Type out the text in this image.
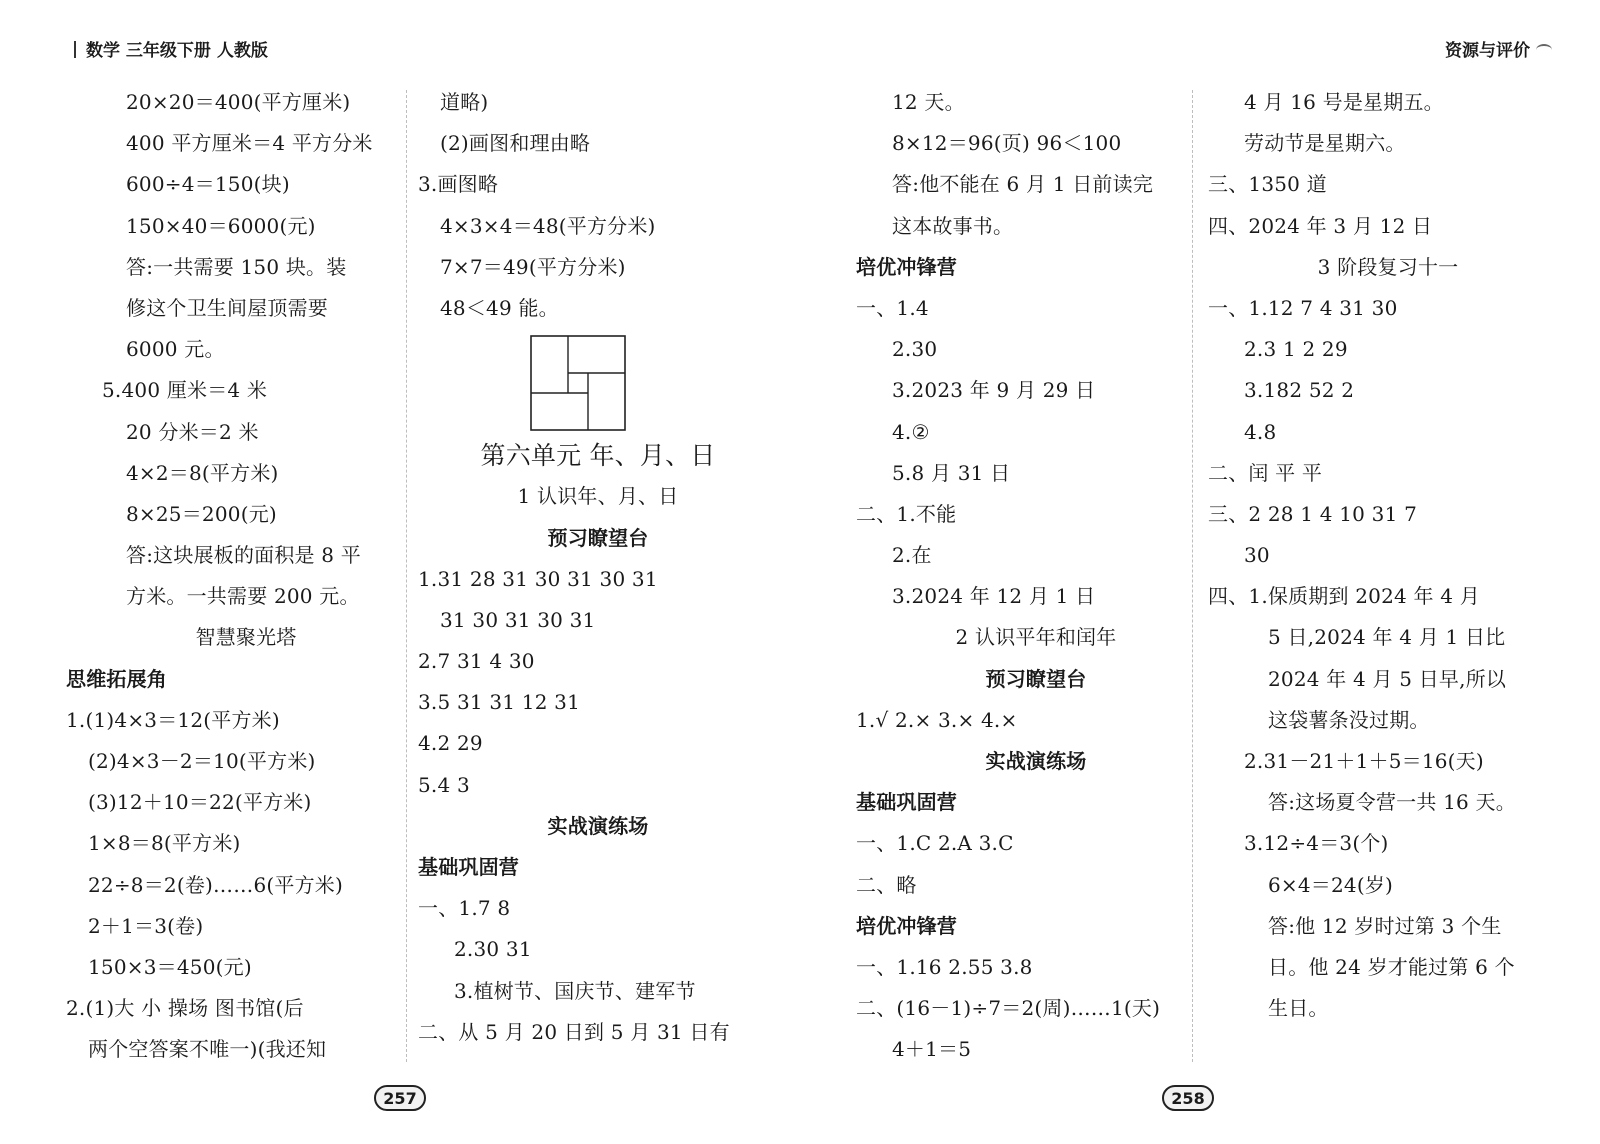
数学 三年级下册 人教版	资源与评价
20×20＝400(平方厘米)
400 平方厘米＝4 平方分米
600÷4＝150(块)
150×40＝6000(元)
答:一共需要 150 块。装
修这个卫生间屋顶需要
6000 元。
5.400 厘米＝4 米
20 分米＝2 米
4×2＝8(平方米)
8×25＝200(元)
答:这块展板的面积是 8 平
方米。一共需要 200 元。
智慧聚光塔
思维拓展角
1.(1)4×3＝12(平方米)
(2)4×3－2＝10(平方米)
(3)12＋10＝22(平方米)
1×8＝8(平方米)
22÷8＝2(卷)……6(平方米)
2＋1＝3(卷)
150×3＝450(元)
2.(1)大 小 操场 图书馆(后
两个空答案不唯一)(我还知
道略)
(2)画图和理由略
3.画图略
4×3×4＝48(平方分米)
7×7＝49(平方分米)
48＜49 能。
第六单元 年、月、日
1 认识年、月、日
预习瞭望台
1.31 28 31 30 31 30 31
31 30 31 30 31
2.7 31 4 30
3.5 31 31 12 31
4.2 29
5.4 3
实战演练场
基础巩固营
一、1.7 8
2.30 31
3.植树节、国庆节、建军节
二、从 5 月 20 日到 5 月 31 日有
12 天。
8×12＝96(页) 96＜100
答:他不能在 6 月 1 日前读完
这本故事书。
培优冲锋营
一、1.4
2.30
3.2023 年 9 月 29 日
4.②
5.8 月 31 日
二、1.不能
2.在
3.2024 年 12 月 1 日
2 认识平年和闰年
预习瞭望台
1.√ 2.× 3.× 4.×
实战演练场
基础巩固营
一、1.C 2.A 3.C
二、略
培优冲锋营
一、1.16 2.55 3.8
二、(16－1)÷7＝2(周)……1(天)
4＋1＝5
4 月 16 号是星期五。
劳动节是星期六。
三、1350 道
四、2024 年 3 月 12 日
3 阶段复习十一
一、1.12 7 4 31 30
2.3 1 2 29
3.182 52 2
4.8
二、闰 平 平
三、2 28 1 4 10 31 7
30
四、1.保质期到 2024 年 4 月
5 日,2024 年 4 月 1 日比
2024 年 4 月 5 日早,所以
这袋薯条没过期。
2.31－21＋1＋5＝16(天)
答:这场夏令营一共 16 天。
3.12÷4＝3(个)
6×4＝24(岁)
答:他 12 岁时过第 3 个生
日。他 24 岁才能过第 6 个
生日。
257	258
